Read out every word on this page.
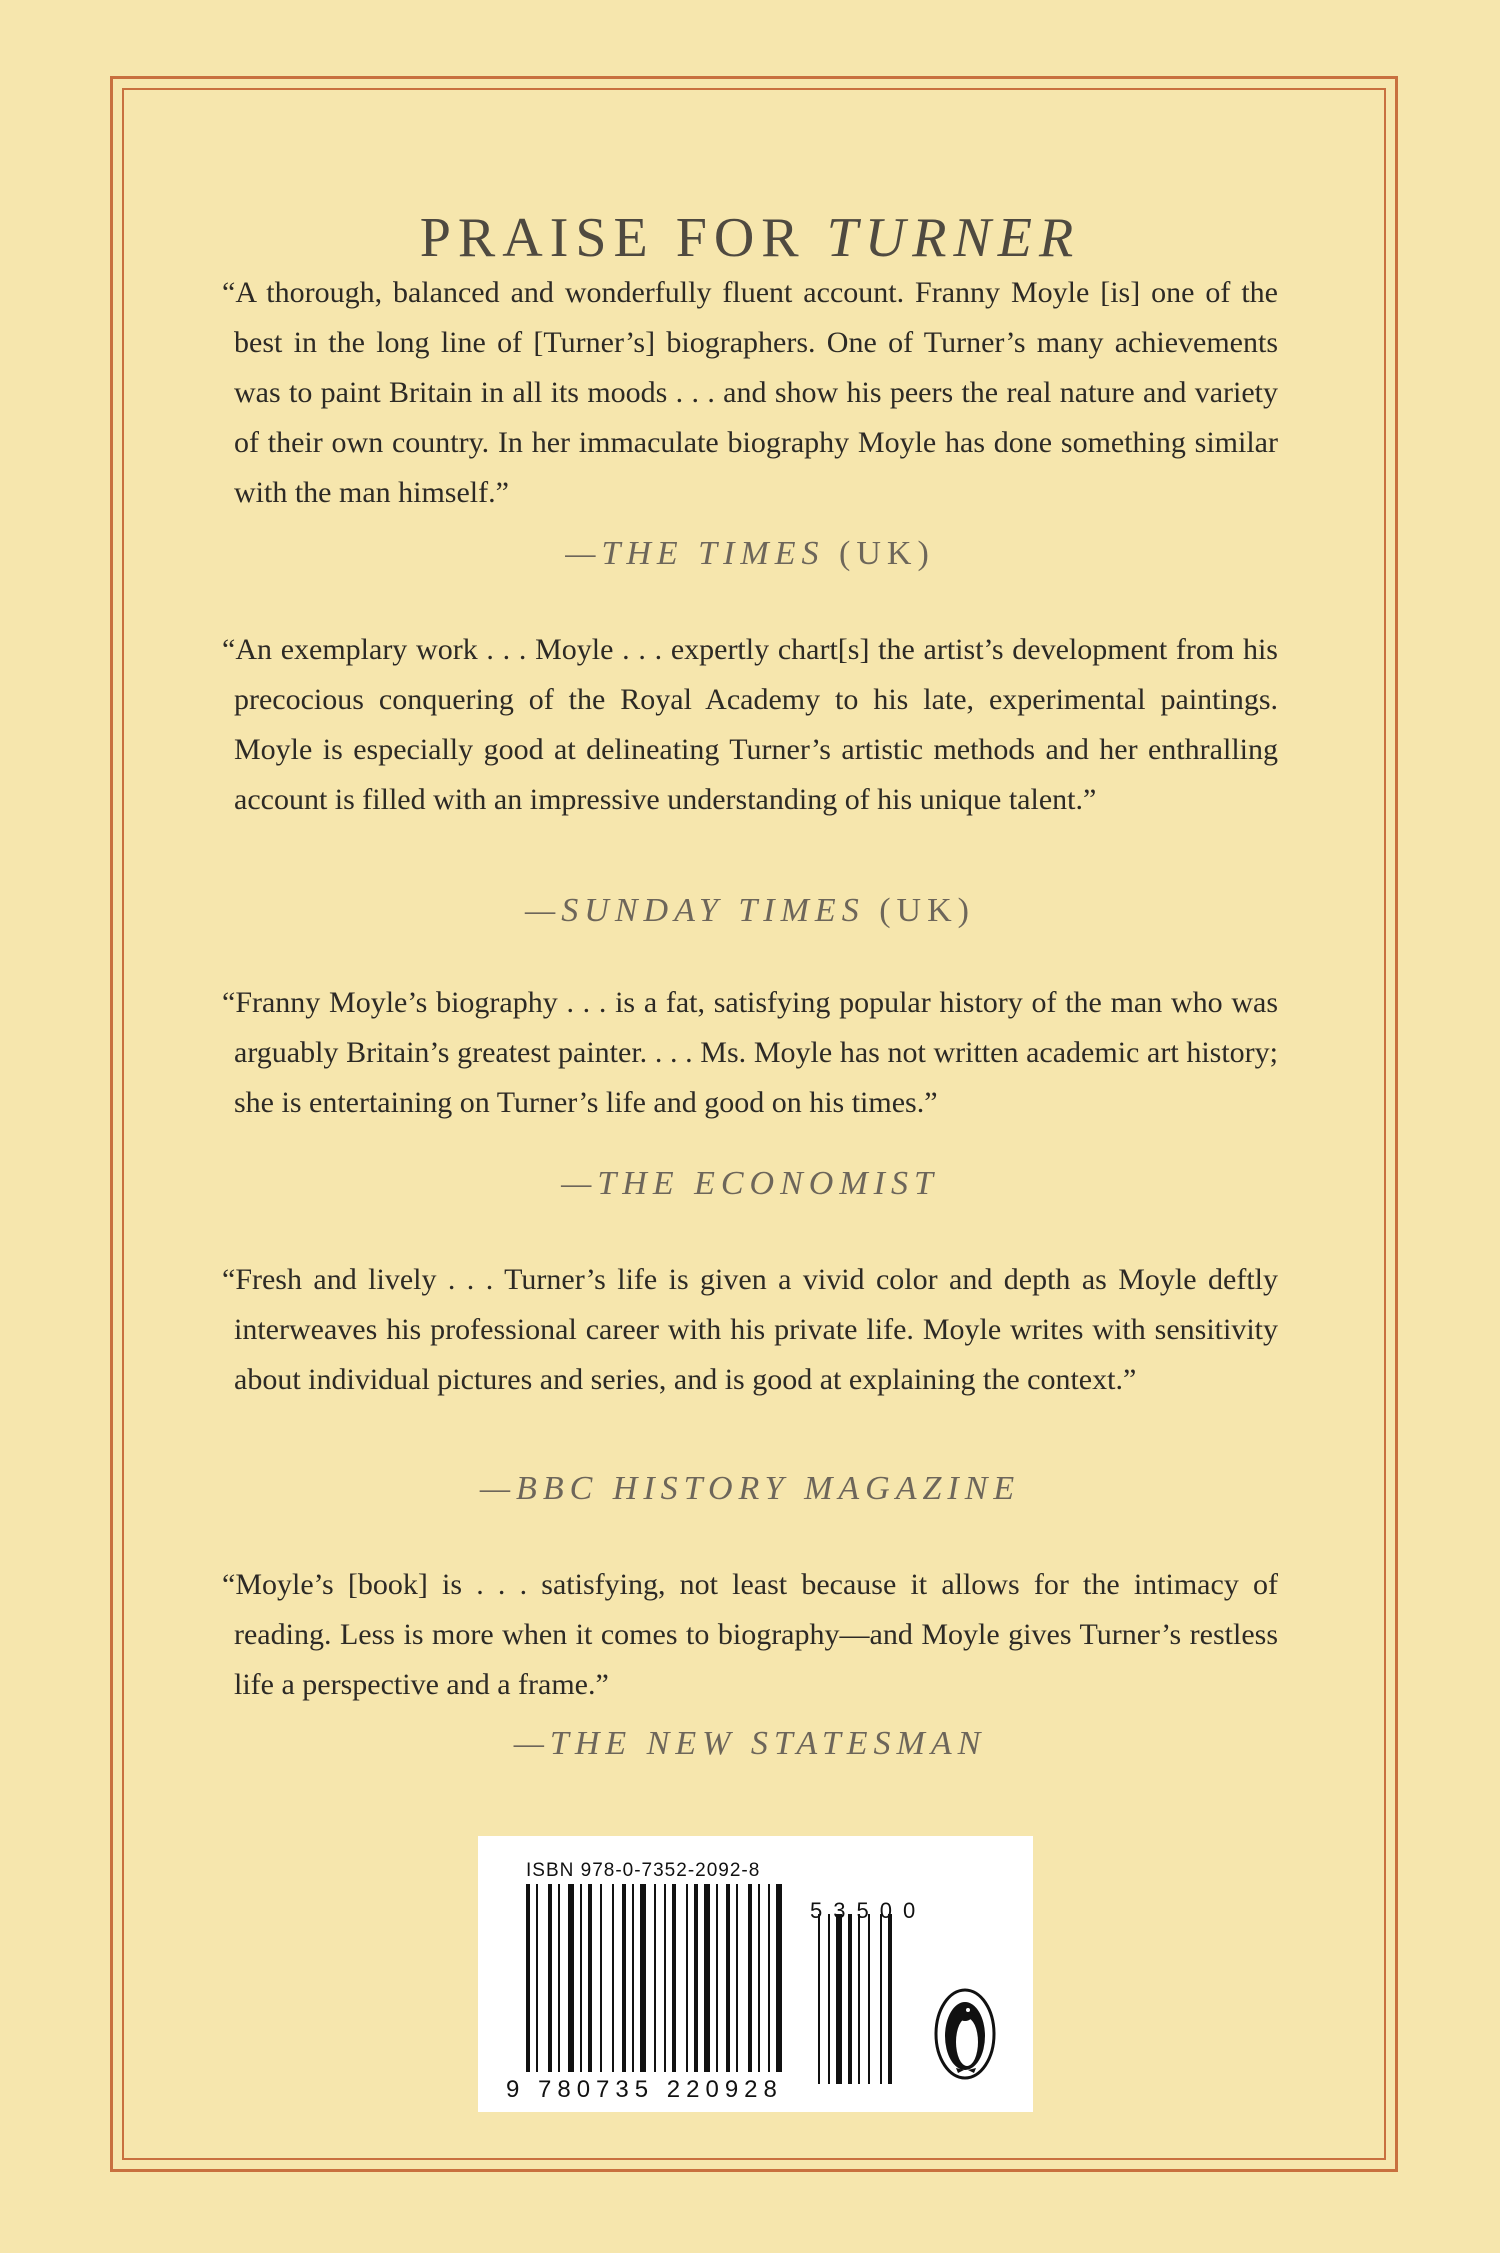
PRAISE FOR TURNER

“A thorough, balanced and wonderfully fluent account. Franny Moyle [is] one of the best in the long line of [Turner’s] biographers. One of Turner’s many achievements was to paint Britain in all its moods . . . and show his peers the real nature and variety of their own country. In her immaculate biography Moyle has done something similar with the man himself.”

—THE TIMES (UK)

“An exemplary work . . . Moyle . . . expertly chart[s] the artist’s development from his precocious conquering of the Royal Academy to his late, experimental paintings. Moyle is especially good at delineating Turner’s artistic methods and her enthralling account is filled with an impressive understanding of his unique talent.”

—SUNDAY TIMES (UK)

“Franny Moyle’s biography . . . is a fat, satisfying popular history of the man who was arguably Britain’s greatest painter. . . . Ms. Moyle has not written academic art history; she is entertaining on Turner’s life and good on his times.”

—THE ECONOMIST

“Fresh and lively . . . Turner’s life is given a vivid color and depth as Moyle deftly interweaves his professional career with his private life. Moyle writes with sensitivity about individual pictures and series, and is good at explaining the context.”

—BBC HISTORY MAGAZINE

“Moyle’s [book] is . . . satisfying, not least because it allows for the intimacy of reading. Less is more when it comes to biography—and Moyle gives Turner’s restless life a perspective and a frame.”

—THE NEW STATESMAN
ISBN 978-0-7352-2092-8
53500
9 780735 220928
